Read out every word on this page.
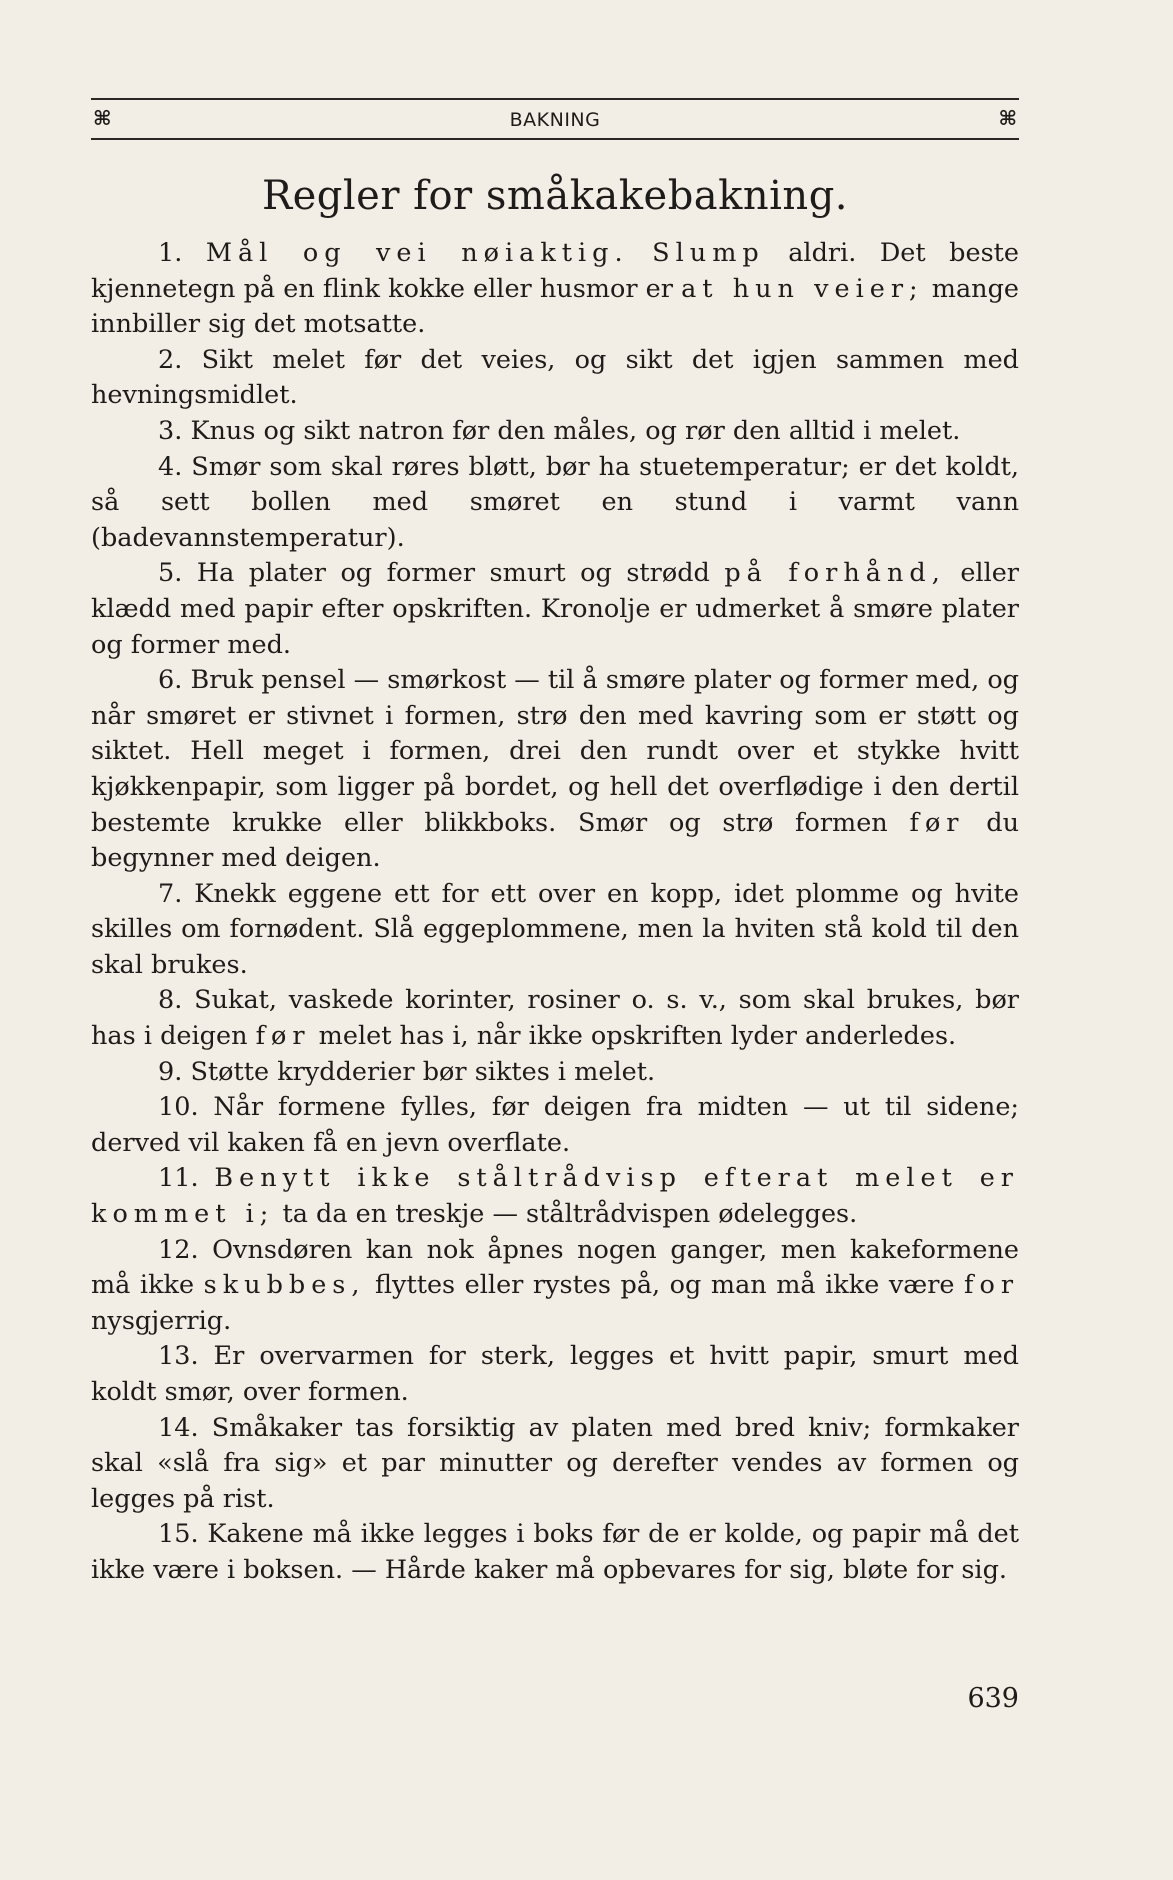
⌘	BAKNING	⌘
Regler for småkakebakning.

1. Mål og vei nøiaktig. Slump aldri. Det beste kjennetegn på en flink kokke eller husmor er at hun veier; mange innbiller sig det motsatte.

2. Sikt melet før det veies, og sikt det igjen sammen med hevningsmidlet.

3. Knus og sikt natron før den måles, og rør den alltid i melet.

4. Smør som skal røres bløtt, bør ha stuetemperatur; er det koldt, så sett bollen med smøret en stund i varmt vann (badevannstemperatur).

5. Ha plater og former smurt og strødd på forhånd, eller klædd med papir efter opskriften. Kronolje er udmerket å smøre plater og former med.

6. Bruk pensel — smørkost — til å smøre plater og former med, og når smøret er stivnet i formen, strø den med kavring som er støtt og siktet. Hell meget i formen, drei den rundt over et stykke hvitt kjøkkenpapir, som ligger på bordet, og hell det overflødige i den dertil bestemte krukke eller blikkboks. Smør og strø formen før du begynner med deigen.

7. Knekk eggene ett for ett over en kopp, idet plomme og hvite skilles om fornødent. Slå eggeplommene, men la hviten stå kold til den skal brukes.

8. Sukat, vaskede korinter, rosiner o. s. v., som skal brukes, bør has i deigen før melet has i, når ikke opskriften lyder anderledes.

9. Støtte krydderier bør siktes i melet.

10. Når formene fylles, før deigen fra midten — ut til sidene; derved vil kaken få en jevn overflate.

11. Benytt ikke ståltrådvisp efterat melet er kommet i; ta da en treskje — ståltrådvispen ødelegges.

12. Ovnsdøren kan nok åpnes nogen ganger, men kakeformene må ikke skubbes, flyttes eller rystes på, og man må ikke være for nysgjerrig.

13. Er overvarmen for sterk, legges et hvitt papir, smurt med koldt smør, over formen.

14. Småkaker tas forsiktig av platen med bred kniv; formkaker skal «slå fra sig» et par minutter og derefter vendes av formen og legges på rist.

15. Kakene må ikke legges i boks før de er kolde, og papir må det ikke være i boksen. — Hårde kaker må opbevares for sig, bløte for sig.

639
